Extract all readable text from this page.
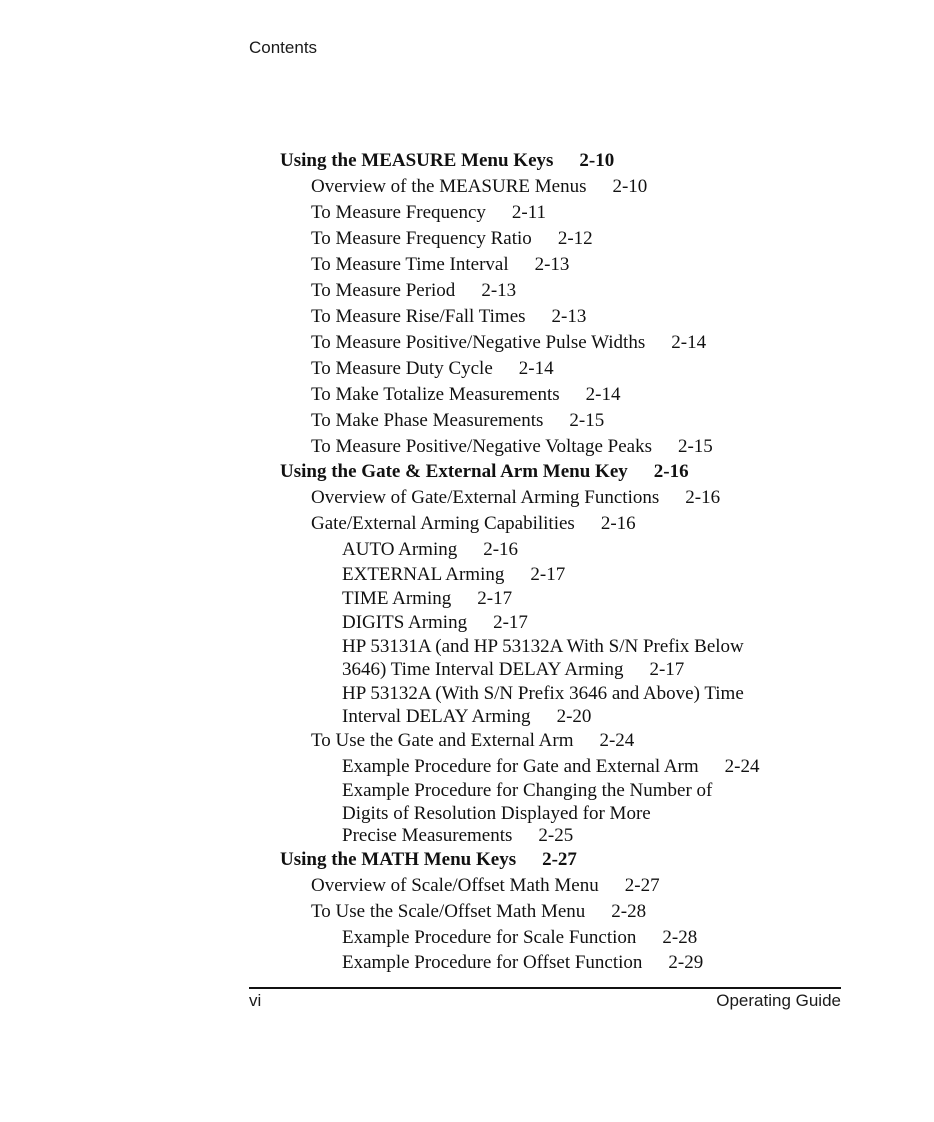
Contents
Using the MEASURE Menu Keys 2-10
Overview of the MEASURE Menus 2-10
To Measure Frequency 2-11
To Measure Frequency Ratio 2-12
To Measure Time Interval 2-13
To Measure Period 2-13
To Measure Rise/Fall Times 2-13
To Measure Positive/Negative Pulse Widths 2-14
To Measure Duty Cycle 2-14
To Make Totalize Measurements 2-14
To Make Phase Measurements 2-15
To Measure Positive/Negative Voltage Peaks 2-15
Using the Gate & External Arm Menu Key 2-16
Overview of Gate/External Arming Functions 2-16
Gate/External Arming Capabilities 2-16
AUTO Arming 2-16
EXTERNAL Arming 2-17
TIME Arming 2-17
DIGITS Arming 2-17
HP 53131A (and HP 53132A With S/N Prefix Below
3646) Time Interval DELAY Arming 2-17
HP 53132A (With S/N Prefix 3646 and Above) Time
Interval DELAY Arming 2-20
To Use the Gate and External Arm 2-24
Example Procedure for Gate and External Arm 2-24
Example Procedure for Changing the Number of
Digits of Resolution Displayed for More
Precise Measurements 2-25
Using the MATH Menu Keys 2-27
Overview of Scale/Offset Math Menu 2-27
To Use the Scale/Offset Math Menu 2-28
Example Procedure for Scale Function 2-28
Example Procedure for Offset Function 2-29
vi	Operating Guide
